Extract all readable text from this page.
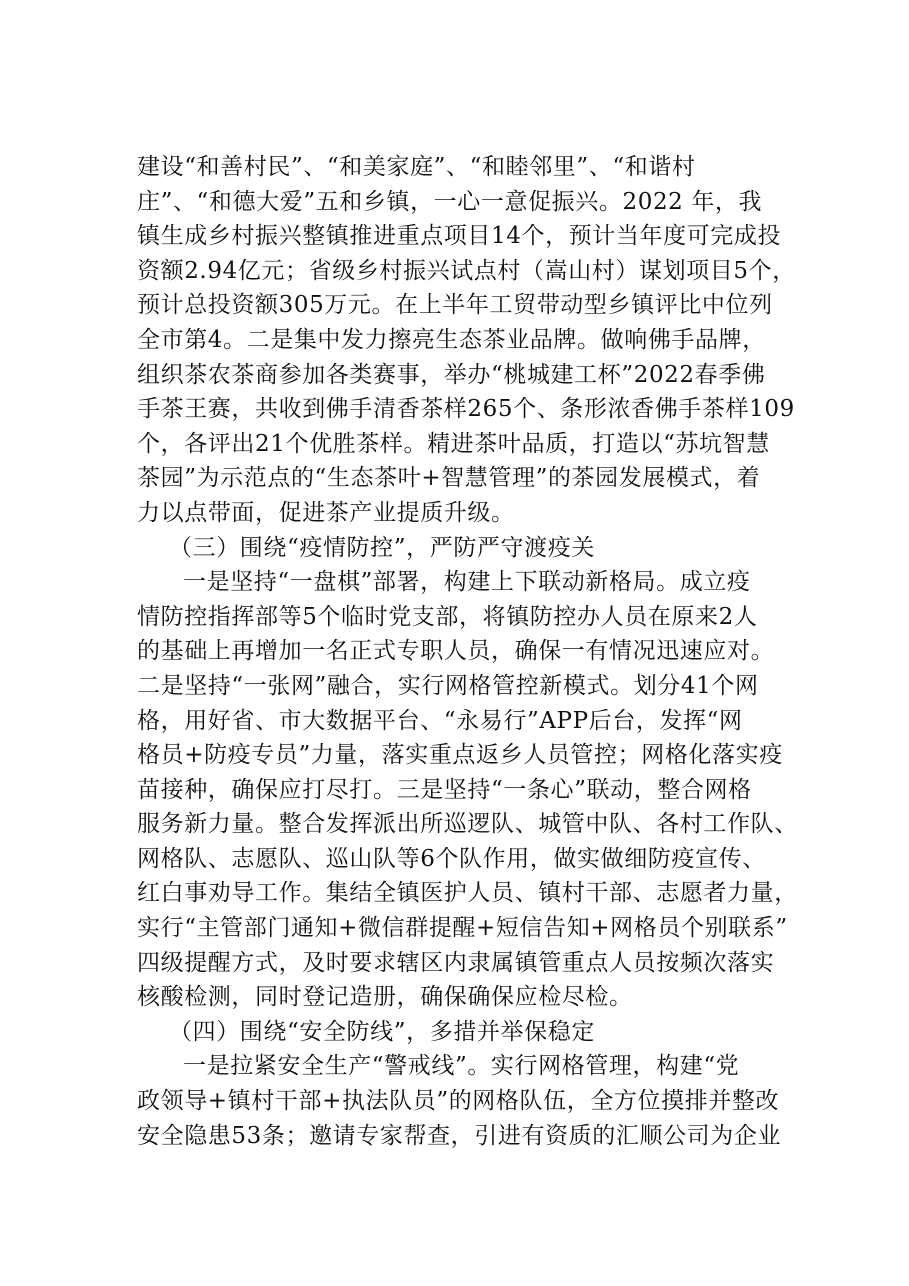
建设“和善村民”、“和美家庭”、“和睦邻里”、“和谐村
庄”、“和德大爱”五和乡镇，一心一意促振兴。2022 年，我
镇生成乡村振兴整镇推进重点项目14个，预计当年度可完成投
资额2.94亿元；省级乡村振兴试点村（嵩山村）谋划项目5个，
预计总投资额305万元。在上半年工贸带动型乡镇评比中位列
全市第4。二是集中发力擦亮生态茶业品牌。做响佛手品牌，
组织茶农茶商参加各类赛事，举办“桃城建工杯”2022春季佛
手茶王赛，共收到佛手清香茶样265个、条形浓香佛手茶样109
个，各评出21个优胜茶样。精进茶叶品质，打造以“苏坑智慧
茶园”为示范点的“生态茶叶+智慧管理”的茶园发展模式，着
力以点带面，促进茶产业提质升级。
（三）围绕“疫情防控”，严防严守渡疫关
一是坚持“一盘棋”部署，构建上下联动新格局。成立疫
情防控指挥部等5个临时党支部，将镇防控办人员在原来2人
的基础上再增加一名正式专职人员，确保一有情况迅速应对。
二是坚持“一张网”融合，实行网格管控新模式。划分41个网
格，用好省、市大数据平台、“永易行”APP后台，发挥“网
格员+防疫专员”力量，落实重点返乡人员管控；网格化落实疫
苗接种，确保应打尽打。三是坚持“一条心”联动，整合网格
服务新力量。整合发挥派出所巡逻队、城管中队、各村工作队、
网格队、志愿队、巡山队等6个队作用，做实做细防疫宣传、
红白事劝导工作。集结全镇医护人员、镇村干部、志愿者力量，
实行“主管部门通知+微信群提醒+短信告知+网格员个别联系”
四级提醒方式，及时要求辖区内隶属镇管重点人员按频次落实
核酸检测，同时登记造册，确保确保应检尽检。
（四）围绕“安全防线”，多措并举保稳定
一是拉紧安全生产“警戒线”。实行网格管理，构建“党
政领导+镇村干部+执法队员”的网格队伍，全方位摸排并整改
安全隐患53条；邀请专家帮查，引进有资质的汇顺公司为企业
